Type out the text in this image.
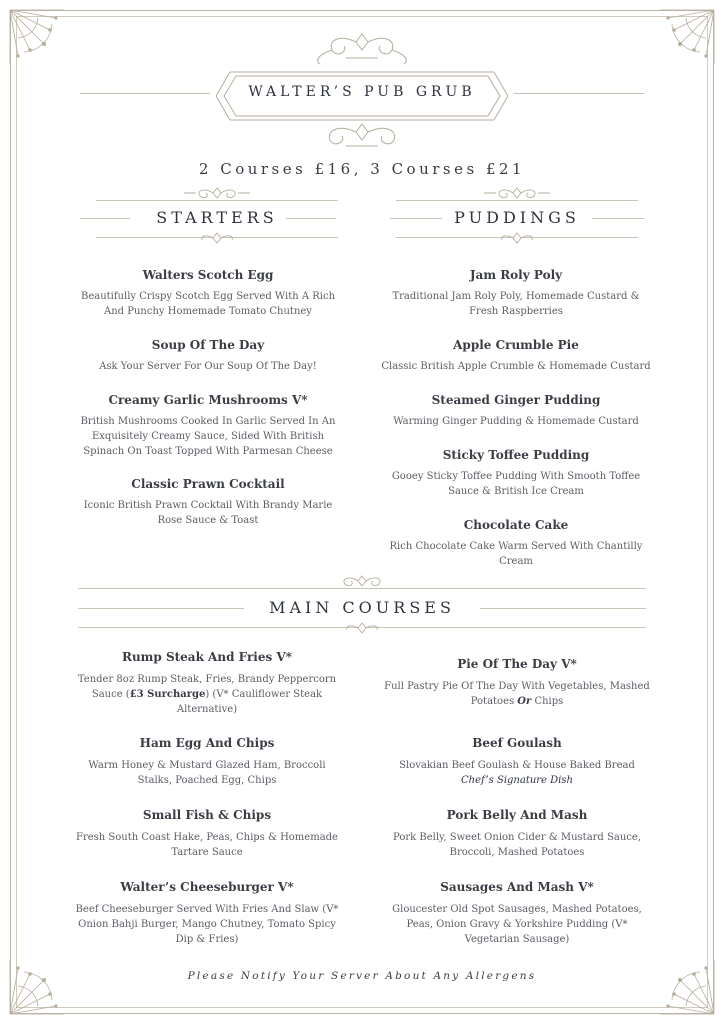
WALTER’S PUB GRUB
2 Courses £16, 3 Courses £21
STARTERS	PUDDINGS
Walters Scotch Egg
Beautifully Crispy Scotch Egg Served With A Rich And Punchy Homemade Tomato Chutney
Soup Of The Day
Ask Your Server For Our Soup Of The Day!
Creamy Garlic Mushrooms V*
British Mushrooms Cooked In Garlic Served In An Exquisitely Creamy Sauce, Sided With British Spinach On Toast Topped With Parmesan Cheese
Classic Prawn Cocktail
Iconic British Prawn Cocktail With Brandy Marie Rose Sauce & Toast
Jam Roly Poly
Traditional Jam Roly Poly, Homemade Custard & Fresh Raspberries
Apple Crumble Pie
Classic British Apple Crumble & Homemade Custard
Steamed Ginger Pudding
Warming Ginger Pudding & Homemade Custard
Sticky Toffee Pudding
Gooey Sticky Toffee Pudding With Smooth Toffee Sauce & British Ice Cream
Chocolate Cake
Rich Chocolate Cake Warm Served With Chantilly Cream
MAIN COURSES
Rump Steak And Fries V*
Tender 8oz Rump Steak, Fries, Brandy Peppercorn Sauce (£3 Surcharge) (V* Cauliflower Steak Alternative)
Ham Egg And Chips
Warm Honey & Mustard Glazed Ham, Broccoli Stalks, Poached Egg, Chips
Small Fish & Chips
Fresh South Coast Hake, Peas, Chips & Homemade Tartare Sauce
Walter’s Cheeseburger V*
Beef Cheeseburger Served With Fries And Slaw (V* Onion Bahji Burger, Mango Chutney, Tomato Spicy Dip & Fries)
Pie Of The Day V*
Full Pastry Pie Of The Day With Vegetables, Mashed Potatoes Or Chips
Beef Goulash
Slovakian Beef Goulash & House Baked Bread
Chef’s Signature Dish
Pork Belly And Mash
Pork Belly, Sweet Onion Cider & Mustard Sauce, Broccoli, Mashed Potatoes
Sausages And Mash V*
Gloucester Old Spot Sausages, Mashed Potatoes, Peas, Onion Gravy & Yorkshire Pudding (V* Vegetarian Sausage)
Please Notify Your Server About Any Allergens
